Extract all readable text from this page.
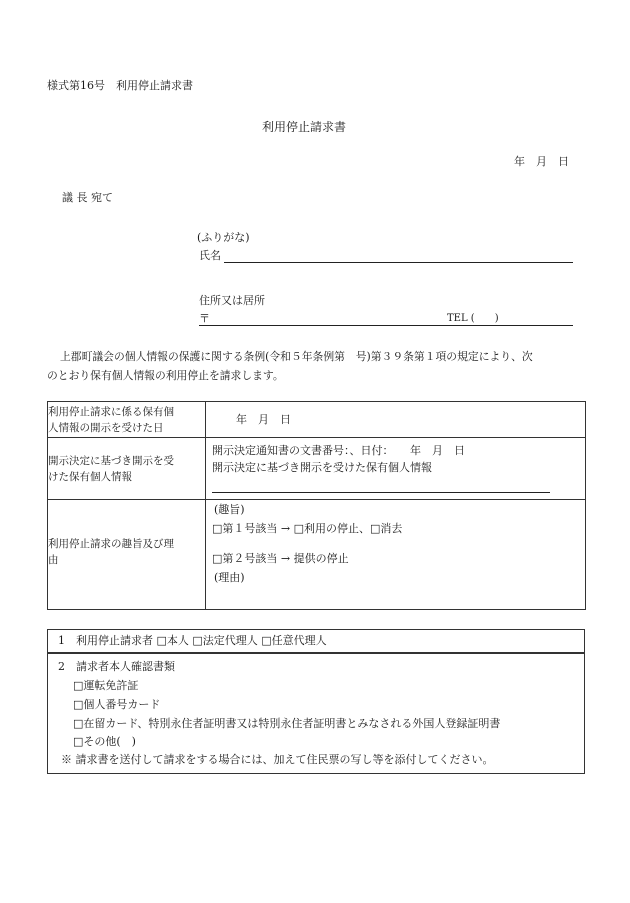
様式第16号　利用停止請求書
利用停止請求書
年　月　日
議 長 宛て
(ふりがな)
氏名
住所又は居所
〒	TEL (　　)
上郡町議会の個人情報の保護に関する条例(令和５年条例第　号)第３９条第１項の規定により、次
のとおり保有個人情報の利用停止を請求します。
利用停止請求に係る保有個
人情報の開示を受けた日	年　月　日

開示決定に基づき開示を受
けた保有個人情報	開示決定通知書の文書番号：、日付：　　年　月　日
開示決定に基づき開示を受けた保有個人情報

利用停止請求の趣旨及び理
由	(趣旨)
□第１号該当 → □利用の停止、□消去
□第２号該当 → 提供の停止
(理由)
1　利用停止請求者 □本人 □法定代理人 □任意代理人
2　請求者本人確認書類
□運転免許証
□個人番号カード
□在留カード、特別永住者証明書又は特別永住者証明書とみなされる外国人登録証明書
□その他(　)
※ 請求書を送付して請求をする場合には、加えて住民票の写し等を添付してください。
